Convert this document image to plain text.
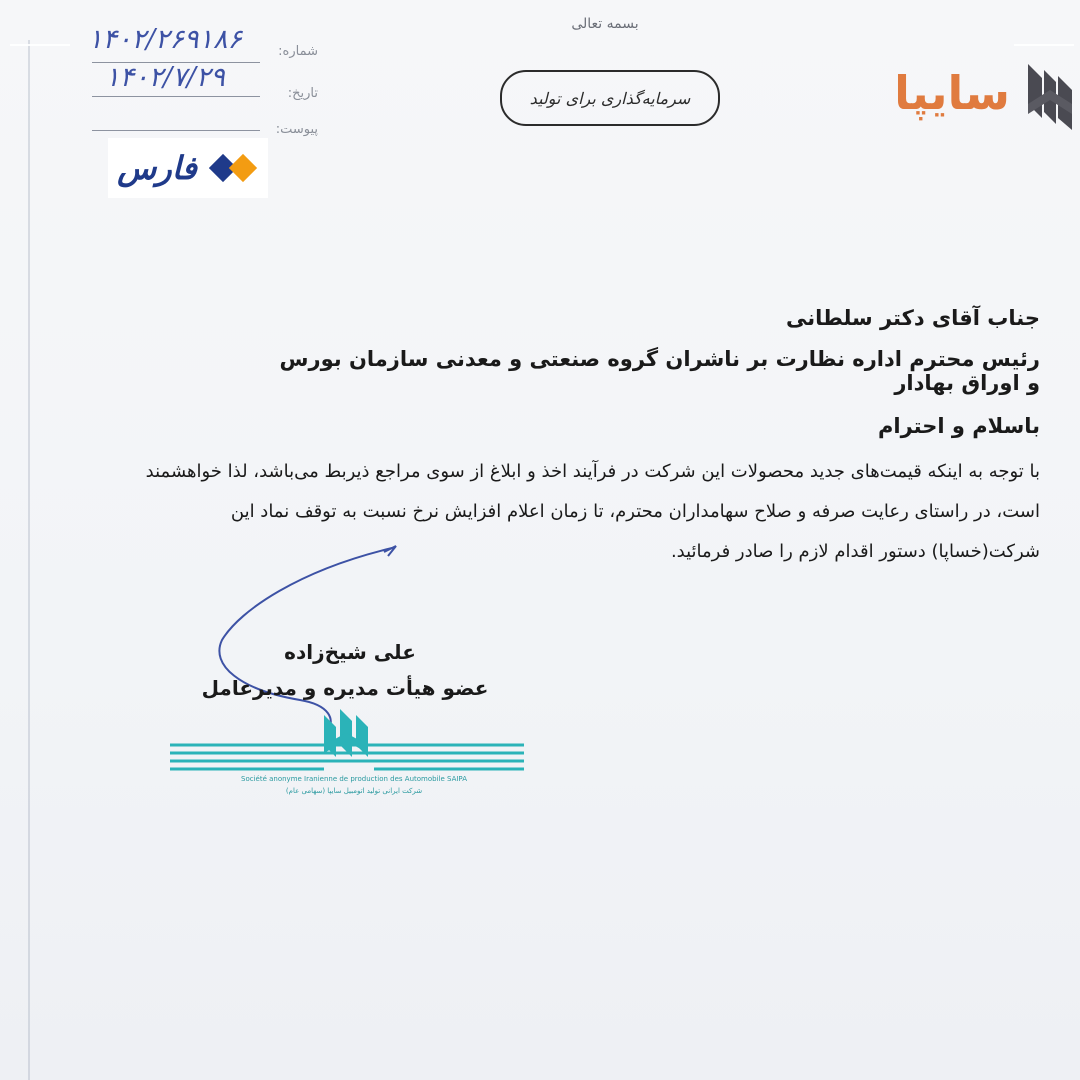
بسمه تعالی
سرمایه‌گذاری برای تولید	سایپا
شماره:
۱۴۰۲/۲۶۹۱۸۶
تاریخ:
۱۴۰۲/۷/۲۹
پیوست:
فارس
جناب آقای دکتر سلطانی
رئیس محترم اداره نظارت بر ناشران گروه صنعتی و معدنی سازمان بورس و اوراق بهادار
باسلام و احترام
با توجه به اینکه قیمت‌های جدید محصولات این شرکت در فرآیند اخذ و ابلاغ از سوی مراجع ذیربط می‌باشد، لذا خواهشمند است، در راستای رعایت صرفه و صلاح سهامداران محترم، تا زمان اعلام افزایش نرخ نسبت به توقف نماد این شرکت(خساپا) دستور اقدام لازم را صادر فرمائید.
علی شیخ‌زاده
عضو هیأت مدیره و مدیرعامل
Société anonyme Iranienne de production des Automobile SAIPA
شرکت ایرانی تولید اتومبیل سایپا (سهامی عام)
